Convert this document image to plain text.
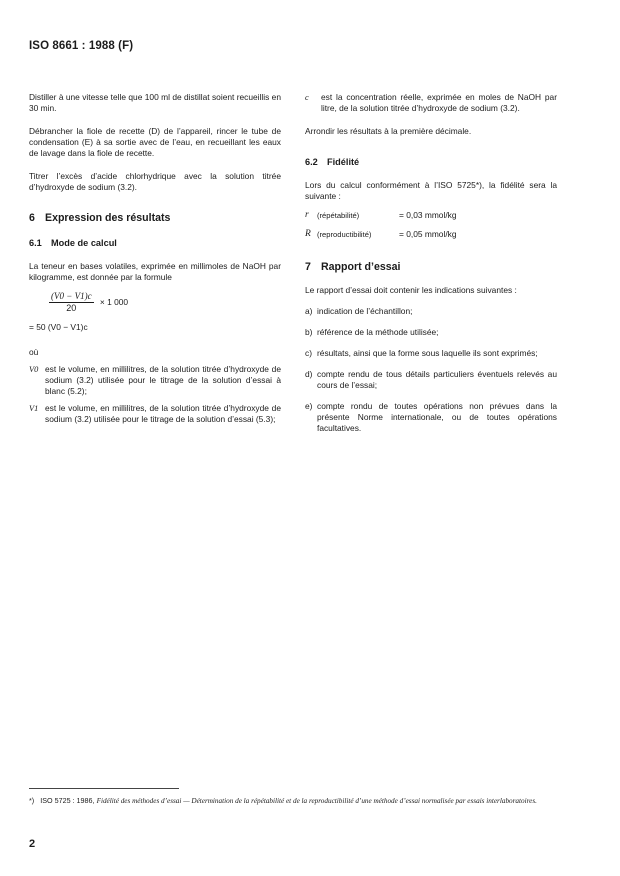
ISO 8661 : 1988 (F)

Distiller à une vitesse telle que 100 ml de distillat soient recueillis en 30 min.

Débrancher la fiole de recette (D) de l’appareil, rincer le tube de condensation (E) à sa sortie avec de l’eau, en recueillant les eaux de lavage dans la fiole de recette.

Titrer l’excès d’acide chlorhydrique avec la solution titrée d’hydroxyde de sodium (3.2).

6 Expression des résultats
6.1 Mode de calcul

La teneur en bases volatiles, exprimée en millimoles de NaOH par kilogramme, est donnée par la formule

$\frac{(V0 - V1)c}{20} \times 1$ 000
= 50 (V0 − V1)c
où
V0 est le volume, en millilitres, de la solution titrée d’hydroxyde de sodium (3.2) utilisée pour le titrage de la solution d’essai à blanc (5.2);
V1 est le volume, en millilitres, de la solution titrée d’hydroxyde de sodium (3.2) utilisée pour le titrage de la solution d’essai (5.3);
c	est la concentration réelle, exprimée en moles de NaOH par litre, de la solution titrée d’hydroxyde de sodium (3.2).

Arrondir les résultats à la première décimale.

6.2 Fidélité

Lors du calcul conformément à l’ISO 5725*), la fidélité sera la suivante :

r	(répétabilité)	= 0,03 mmol/kg
R (reproductibilité)	= 0,05 mmol/kg
7 Rapport d’essai

Le rapport d’essai doit contenir les indications suivantes :

a) indication de l’échantillon;
b) référence de la méthode utilisée;
c) résultats, ainsi que la forme sous laquelle ils sont exprimés;
d) compte rendu de tous détails particuliers éventuels relevés au cours de l’essai;
e) compte rondu de toutes opérations non prévues dans la présente Norme internationale, ou de toutes opérations facultatives.
*) ISO 5725 : 1986, Fidélité des méthodes d’essai — Détermination de la répétabilité et de la reproductibilité d’une méthode d’essai normalisée par essais interlaboratoires.
2
